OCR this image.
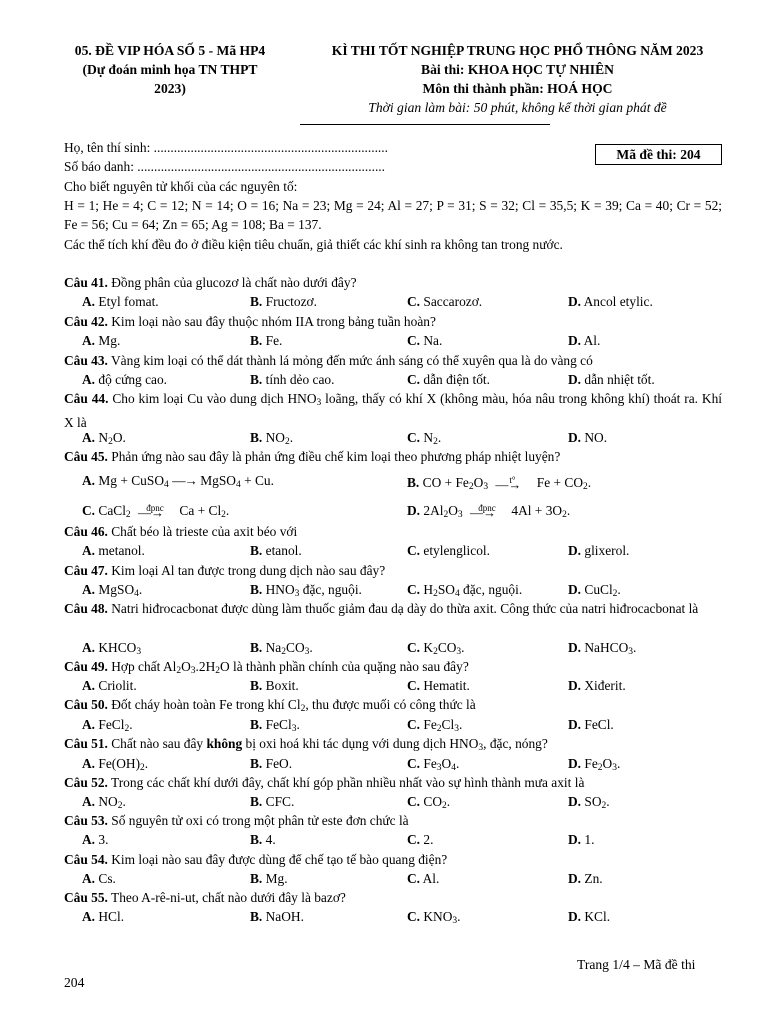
05. ĐỀ VIP HÓA SỐ 5 - Mã HP4
(Dự đoán minh họa TN THPT
2023)
KÌ THI TỐT NGHIỆP TRUNG HỌC PHỔ THÔNG NĂM 2023
Bài thi: KHOA HỌC TỰ NHIÊN
Môn thi thành phần: HOÁ HỌC
Thời gian làm bài: 50 phút, không kể thời gian phát đề
Mã đề thi: 204
Họ, tên thí sinh: ......................................................................
Số báo danh: ..........................................................................
Cho biết nguyên tử khối của các nguyên tố:
H = 1; He = 4; C = 12; N = 14; O = 16; Na = 23; Mg = 24; Al = 27; P = 31; S = 32; Cl = 35,5; K = 39; Ca = 40; Cr = 52; Fe = 56; Cu = 64; Zn = 65; Ag = 108; Ba = 137.
Các thể tích khí đều đo ở điều kiện tiêu chuẩn, giả thiết các khí sinh ra không tan trong nước.
Câu 41. Đồng phân của glucozơ là chất nào dưới đây?
A. Etyl fomat.	B. Fructozơ.	C. Saccarozơ.	D. Ancol etylic.
Câu 42. Kim loại nào sau đây thuộc nhóm IIA trong bảng tuần hoàn?
A. Mg.	B. Fe.	C. Na.	D. Al.
Câu 43. Vàng kim loại có thể dát thành lá mỏng đến mức ánh sáng có thể xuyên qua là do vàng có
A. độ cứng cao.	B. tính dẻo cao.	C. dẫn điện tốt.	D. dẫn nhiệt tốt.
Câu 44. Cho kim loại Cu vào dung dịch $HNO_3$ loãng, thấy có khí X (không màu, hóa nâu trong không khí) thoát ra. Khí X là
A. $N_2O$.	B. $NO_2$.	C. $N_2$.	D. NO.
Câu 45. Phản ứng nào sau đây là phản ứng điều chế kim loại theo phương pháp nhiệt luyện?
A. Mg + CuSO$_4$ —→ MgSO$_4$ + Cu.	B. CO + $Fe_2O_3$ t° —→ $Fe + CO_2$.
C. CaCl$_2$ đpnc —→ $Ca + Cl_2$.	D. $2Al_2O_3$ đpnc —→ $4Al + 3O_2$.
Câu 46. Chất béo là trieste của axit béo với
A. metanol.	B. etanol.	C. etylenglicol.	D. glixerol.
Câu 47. Kim loại Al tan được trong dung dịch nào sau đây?
A. MgSO$_4$.	B. $HNO_3$ đặc, nguội.	C. $H_2SO_4$ đặc, nguội.	D. CuCl$_2$.
Câu 48. Natri hiđrocacbonat được dùng làm thuốc giảm đau dạ dày do thừa axit. Công thức của natri hiđrocacbonat là
A. $KHCO_3$	B. $Na_2CO_3$.	C. $K_2CO_3$.	D. NaHCO$_3$.
Câu 49. Hợp chất $Al_2O_3.2H_2O$ là thành phần chính của quặng nào sau đây?
A. Criolit.	B. Boxit.	C. Hematit.	D. Xiđerit.
Câu 50. Đốt cháy hoàn toàn Fe trong khí $Cl_2$, thu được muối có công thức là
A. FeCl$_2$.	B. FeCl$_3$.	C. $Fe_2Cl_3$.	D. FeCl.
Câu 51. Chất nào sau đây không bị oxi hoá khi tác dụng với dung dịch $HNO_3$, đặc, nóng?
A. $Fe(OH)_2$.	B. FeO.	C. $Fe_3O_4$.	D. $Fe_2O_3$.
Câu 52. Trong các chất khí dưới đây, chất khí góp phần nhiều nhất vào sự hình thành mưa axit là
A. $NO_2$.	B. CFC.	C. $CO_2$.	D. $SO_2$.
Câu 53. Số nguyên tử oxi có trong một phân tử este đơn chức là
A. 3.	B. 4.	C. 2.	D. 1.
Câu 54. Kim loại nào sau đây được dùng để chế tạo tế bào quang điện?
A. Cs.	B. Mg.	C. Al.	D. Zn.
Câu 55. Theo A-rê-ni-ut, chất nào dưới đây là bazơ?
A. HCl.	B. NaOH.	C. $KNO_3$.	D. KCl.
Trang 1/4 – Mã đề thi
204
